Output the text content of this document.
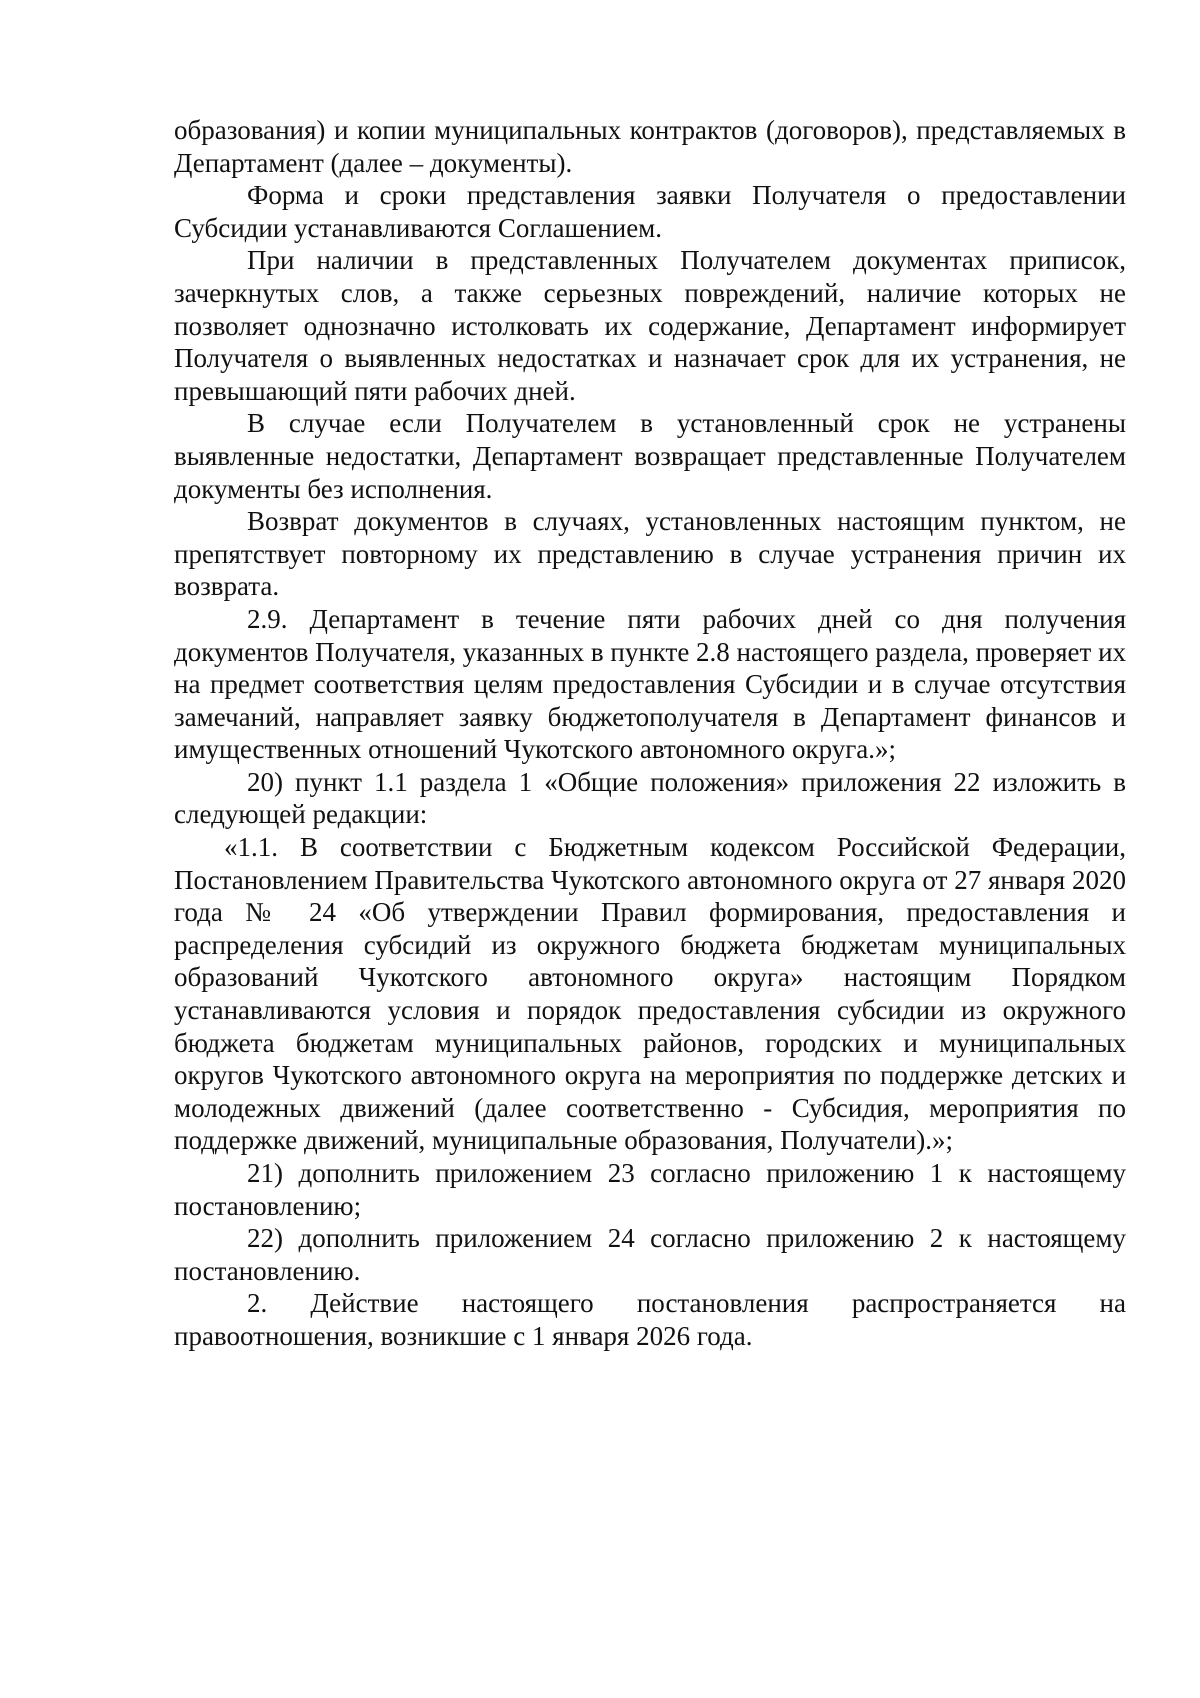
образования) и копии муниципальных контрактов (договоров), представляемых в Департамент (далее – документы).

Форма и сроки представления заявки Получателя о предоставлении Субсидии устанавливаются Соглашением.

При наличии в представленных Получателем документах приписок, зачеркнутых слов, а также серьезных повреждений, наличие которых не позволяет однозначно истолковать их содержание, Департамент информирует Получателя о выявленных недостатках и назначает срок для их устранения, не превышающий пяти рабочих дней.

В случае если Получателем в установленный срок не устранены выявленные недостатки, Департамент возвращает представленные Получателем документы без исполнения.

Возврат документов в случаях, установленных настоящим пунктом, не препятствует повторному их представлению в случае устранения причин их возврата.

2.9. Департамент в течение пяти рабочих дней со дня получения документов Получателя, указанных в пункте 2.8 настоящего раздела, проверяет их на предмет соответствия целям предоставления Субсидии и в случае отсутствия замечаний, направляет заявку бюджетополучателя в Департамент финансов и имущественных отношений Чукотского автономного округа.»;

20) пункт 1.1 раздела 1 «Общие положения» приложения 22 изложить в следующей редакции:

«1.1. В соответствии с Бюджетным кодексом Российской Федерации, Постановлением Правительства Чукотского автономного округа от 27 января 2020 года № 24 «Об утверждении Правил формирования, предоставления и распределения субсидий из окружного бюджета бюджетам муниципальных образований Чукотского автономного округа» настоящим Порядком устанавливаются условия и порядок предоставления субсидии из окружного бюджета бюджетам муниципальных районов, городских и муниципальных округов Чукотского автономного округа на мероприятия по поддержке детских и молодежных движений (далее соответственно - Субсидия, мероприятия по поддержке движений, муниципальные образования, Получатели).»;

21) дополнить приложением 23 согласно приложению 1 к настоящему постановлению;

22) дополнить приложением 24 согласно приложению 2 к настоящему постановлению.

2. Действие настоящего постановления распространяется на правоотношения, возникшие с 1 января 2026 года.
